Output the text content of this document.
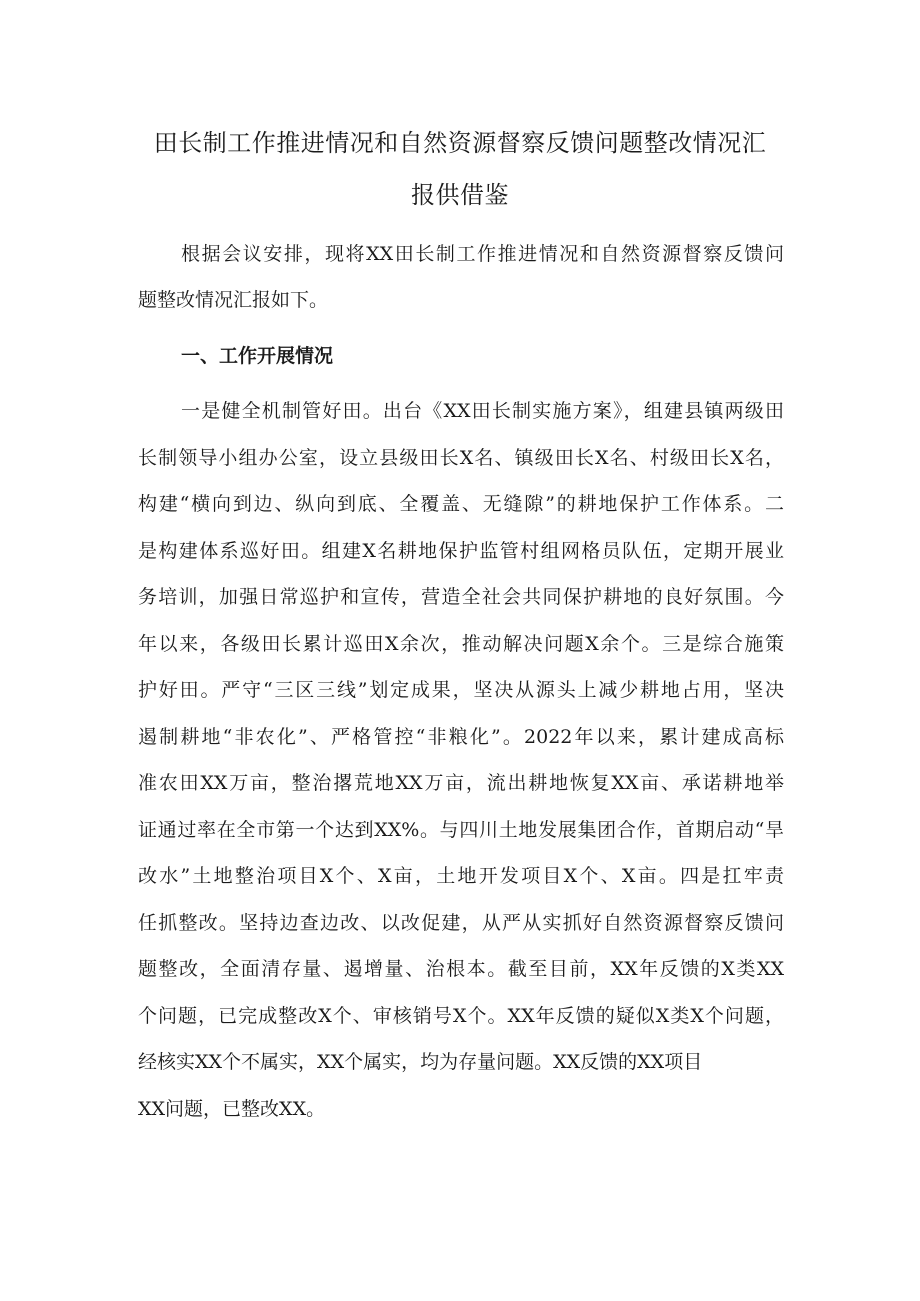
田长制工作推进情况和自然资源督察反馈问题整改情况汇
报供借鉴

根据会议安排，现将XX田长制工作推进情况和自然资源督察反馈问

题整改情况汇报如下。

一、工作开展情况

一是健全机制管好田。出台《XX田长制实施方案》，组建县镇两级田

长制领导小组办公室，设立县级田长X名、镇级田长X名、村级田长X名，

构建“横向到边、纵向到底、全覆盖、无缝隙”的耕地保护工作体系。二

是构建体系巡好田。组建X名耕地保护监管村组网格员队伍，定期开展业

务培训，加强日常巡护和宣传，营造全社会共同保护耕地的良好氛围。今

年以来，各级田长累计巡田X余次，推动解决问题X余个。三是综合施策

护好田。严守“三区三线”划定成果，坚决从源头上减少耕地占用，坚决

遏制耕地“非农化”、严格管控“非粮化”。2022年以来，累计建成高标

准农田XX万亩，整治撂荒地XX万亩，流出耕地恢复XX亩、承诺耕地举

证通过率在全市第一个达到XX%。与四川土地发展集团合作，首期启动“旱

改水”土地整治项目X个、X亩，土地开发项目X个、X亩。四是扛牢责

任抓整改。坚持边查边改、以改促建，从严从实抓好自然资源督察反馈问

题整改，全面清存量、遏增量、治根本。截至目前，XX年反馈的X类XX

个问题，已完成整改X个、审核销号X个。XX年反馈的疑似X类X个问题，

经核实XX个不属实，XX个属实，均为存量问题。XX反馈的XX项目

XX问题，已整改XX。
